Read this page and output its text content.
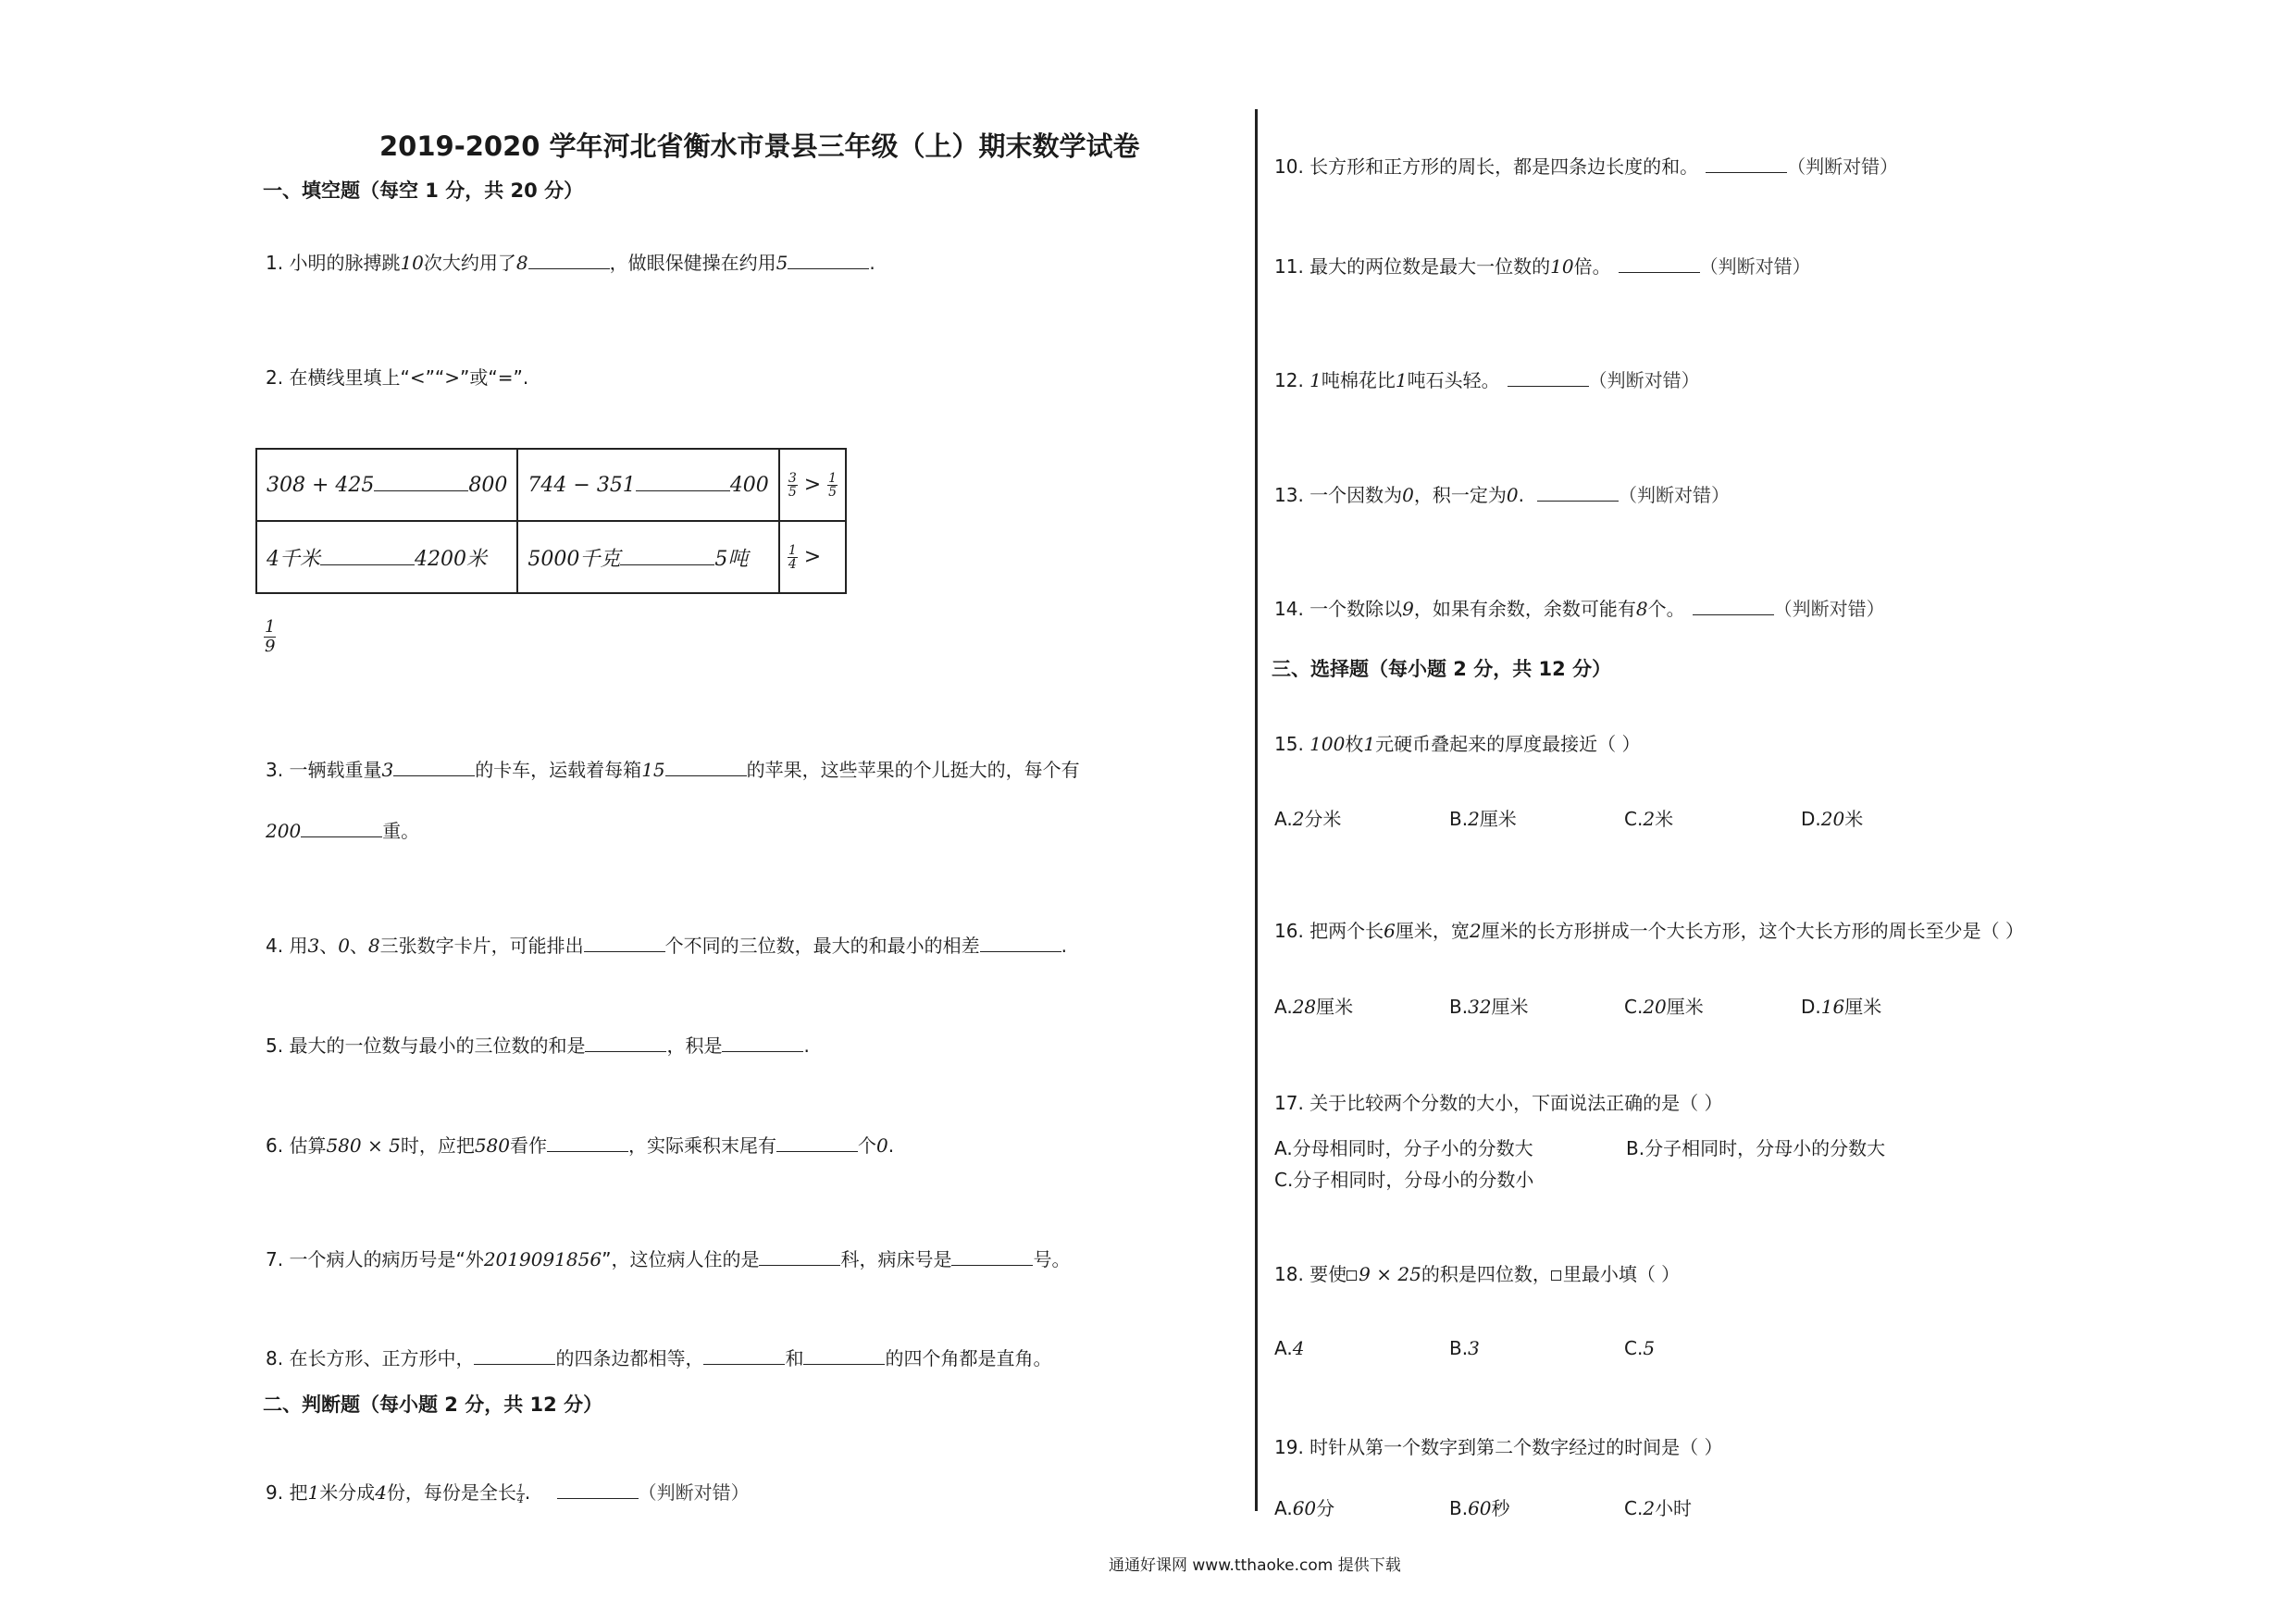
2019-2020 学年河北省衡水市景县三年级（上）期末数学试卷
一、填空题（每空 1 分，共 20 分）
1. 小明的脉搏跳10次大约用了8	，做眼保健操在约用5	.
2. 在横线里填上“<”“>”或“=”.
308 + 425 800	744 − 351 400	$\frac{3}{5} > \frac{1}{5}$

4千米 4200米	5000千克 5吨	$\frac{1}{4}$ >
$\frac{1}{9}$
3. 一辆载重量3	的卡车，运载着每箱15	的苹果，这些苹果的个儿挺大的，每个有
200	重。
4. 用3、0、8三张数字卡片，可能排出	个不同的三位数，最大的和最小的相差	.
5. 最大的一位数与最小的三位数的和是	，积是	.
6. 估算580 × 5时，应把580看作	，实际乘积末尾有	个0.
7. 一个病人的病历号是“外2019091856”，这位病人住的是	科，病床号是	号。
8. 在长方形、正方形中，	的四条边都相等，	和	的四个角都是直角。
二、判断题（每小题 2 分，共 12 分）
9. 把1米分成4份，每份是全长 $\frac{1}{4}$ .	（判断对错）
10. 长方形和正方形的周长，都是四条边长度的和。	（判断对错）
11. 最大的两位数是最大一位数的10倍。	（判断对错）
12. 1吨棉花比1吨石头轻。	（判断对错）
13. 一个因数为0，积一定为0.	（判断对错）
14. 一个数除以9，如果有余数，余数可能有8个。	（判断对错）
三、选择题（每小题 2 分，共 12 分）
15. 100枚1元硬币叠起来的厚度最接近（ ）
A.2分米	B.2厘米	C.2米	D.20米
16. 把两个长6厘米，宽2厘米的长方形拼成一个大长方形，这个大长方形的周长至少是（ ）
A.28厘米	B.32厘米	C.20厘米	D.16厘米
17. 关于比较两个分数的大小，下面说法正确的是（ ）
A.分母相同时，分子小的分数大	B.分子相同时，分母小的分数大
C.分子相同时，分母小的分数小
18. 要使 9 × 25的积是四位数， 里最小填（ ）
A.4	B.3	C.5
19. 时针从第一个数字到第二个数字经过的时间是（ ）
A.60分	B.60秒	C.2小时
通通好课网 www.tthaoke.com 提供下载
